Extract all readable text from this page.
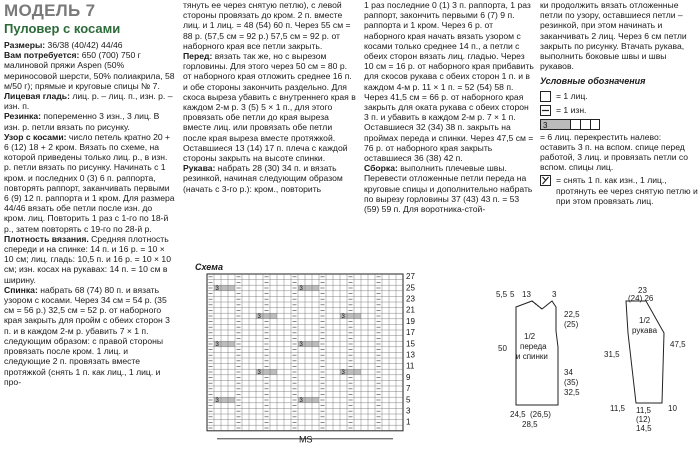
МОДЕЛЬ 7
Пуловер с косами

Размеры: 36/38 (40/42) 44/46

Вам потребуется: 650 (700) 750 г малиновой пряжи Aspen (50% мериносовой шерсти, 50% полиакрила, 58 м/50 г); прямые и круговые спицы № 7.

Лицевая гладь: лиц. р. – лиц. п., изн. р. – изн. п.

Резинка: попеременно 3 изн., 3 лиц. В изн. р. петли вязать по рисунку.

Узор с косами: число петель кратно 20 + 6 (12) 18 + 2 кром. Вязать по схеме, на которой приведены только лиц. р., в изн. р. петли вязать по рисунку. Начинать с 1 кром. и последних 0 (3) 6 п. раппорта, повторять раппорт, заканчивать первыми 6 (9) 12 п. раппорта и 1 кром. Для размера 44/46 вязать обе петли после изн. до кром. лиц. Повторить 1 раз с 1-го по 18-й р., затем повторять с 19-го по 28-й р.

Плотность вязания. Средняя плотность спереди и на спинке: 14 п. и 16 р. = 10 × 10 см; лиц. гладь: 10,5 п. и 16 р. = 10 × 10 см; изн. косах на рукавах: 14 п. = 10 см в ширину.

Спинка: набрать 68 (74) 80 п. и вязать узором с косами. Через 34 см = 54 р. (35 см = 56 р.) 32,5 см = 52 р. от наборного края закрыть для пройм с обеих сторон 3 п. и в каждом 2-м р. убавить 7 × 1 п. следующим образом: с правой стороны провязать после кром. 1 лиц. и следующие 2 п. провязать вместе протяжкой (снять 1 п. как лиц., 1 лиц. и про-

тянуть ее через снятую петлю), с левой стороны провязать до кром. 2 п. вместе лиц. и 1 лиц. = 48 (54) 60 п. Через 55 см = 88 р. (57,5 см = 92 р.) 57,5 см = 92 р. от наборного края все петли закрыть.

Перед: вязать так же, но с вырезом горловины. Для этого через 50 см = 80 р. от наборного края отложить среднее 16 п. и обе стороны закончить раздельно. Для скоса выреза убавить с внутреннего края в каждом 2-м р. 3 (5) 5 × 1 п., для этого провязать обе петли до края выреза вместе лиц. или провязать обе петли после края выреза вместе протяжкой. Оставшиеся 13 (14) 17 п. плеча с каждой стороны закрыть на высоте спинки.

Рукава: набрать 28 (30) 34 п. и вязать резинкой, начиная следующим образом (начать с 3-го р.): кром., повторить

Схема
3	3
3	3
3	3
3	3
3	3
27
25
23
21
19
17
15
13
11
9
7
5
3
1
MS

1 раз последние 0 (1) 3 п. раппорта, 1 раз раппорт, закончить первыми 6 (7) 9 п. раппорта и 1 кром. Через 6 р. от наборного края начать вязать узором с косами только среднее 14 п., а петли с обеих сторон вязать лиц. гладью. Через 10 см = 16 р. от наборного края прибавить для скосов рукава с обеих сторон 1 п. и в каждом 4-м р. 11 × 1 п. = 52 (54) 58 п. Через 41,5 см = 66 р. от наборного края закрыть для оката рукава с обеих сторон 3 п. и убавить в каждом 2-м р. 7 × 1 п. Оставшиеся 32 (34) 38 п. закрыть на проймах переда и спинки. Через 47,5 см = 76 р. от наборного края закрыть оставшиеся 36 (38) 42 п.

Сборка: выполнить плечевые швы. Перевести отложенные петли переда на круговые спицы и дополнительно набрать по вырезу горловины 37 (43) 43 п. = 53 (59) 59 п. Для воротника-стой-

ки продолжить вязать отложенные петли по узору, оставшиеся петли – резинкой, при этом начинать и заканчивать 2 лиц. Через 6 см петли закрыть по рисунку. Втачать рукава, выполнить боковые швы и швы рукавов.

Условные обозначения
= 1 лиц.
= 1 изн.
3
= 6 лиц. перекрестить налево: оставить 3 п. на вспом. спице перед работой, 3 лиц. и провязать петли со вспом. спицы лиц.
= снять 1 п. как изн., 1 лиц., протянуть ее через снятую петлю и при этом провязать лиц.
1/2
переда
и спинки
5,5 5 13	3
50
22,5
(25)
34
(35)
32,5
24,5 (26,5)
28,5
1/2
рукава
23
(24) 26
31,5
47,5
11,5 11,5
(12)
14,5
10
